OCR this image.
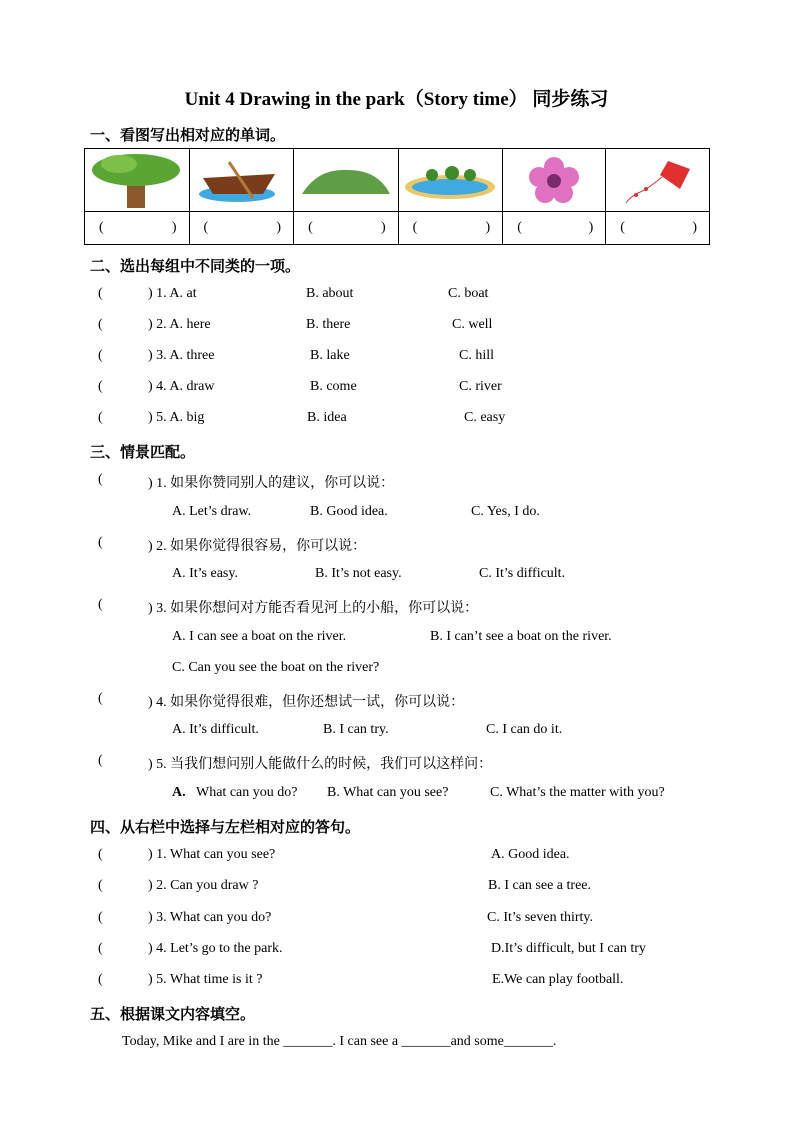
Unit 4 Drawing in the park（Story time） 同步练习
一、看图写出相对应的单词。

( )	( )	( )	( )	( )	( )
二、选出每组中不同类的一项。
(	) 1. A. at	B. about	C. boat
(	) 2. A. here	B. there	C. well
(	) 3. A. three	B. lake	C. hill
(	) 4. A. draw	B. come	C. river
(	) 5. A. big	B. idea	C. easy
三、情景匹配。
(	) 1. 如果你赞同别人的建议，你可以说：
A. Let’s draw.	B. Good idea.	C. Yes, I do.
(	) 2. 如果你觉得很容易，你可以说：
A. It’s easy.	B. It’s not easy.	C. It’s difficult.
(	) 3. 如果你想问对方能否看见河上的小船，你可以说：
A. I can see a boat on the river.	B. I can’t see a boat on the river.
C. Can you see the boat on the river?
(	) 4. 如果你觉得很难，但你还想试一试，你可以说：
A. It’s difficult.	B. I can try.	C. I can do it.
(	) 5. 当我们想问别人能做什么的时候，我们可以这样问：
A. What can you do? B. What can you see?	C. What’s the matter with you?
四、从右栏中选择与左栏相对应的答句。
(	) 1. What can you see?	A. Good idea.
(	) 2. Can you draw ?	B. I can see a tree.
(	) 3. What can you do?	C. It’s seven thirty.
(	) 4. Let’s go to the park.	D.It’s difficult, but I can try
(	) 5. What time is it ?	E.We can play football.
五、根据课文内容填空。
Today, Mike and I are in the _______. I can see a _______and some_______.
